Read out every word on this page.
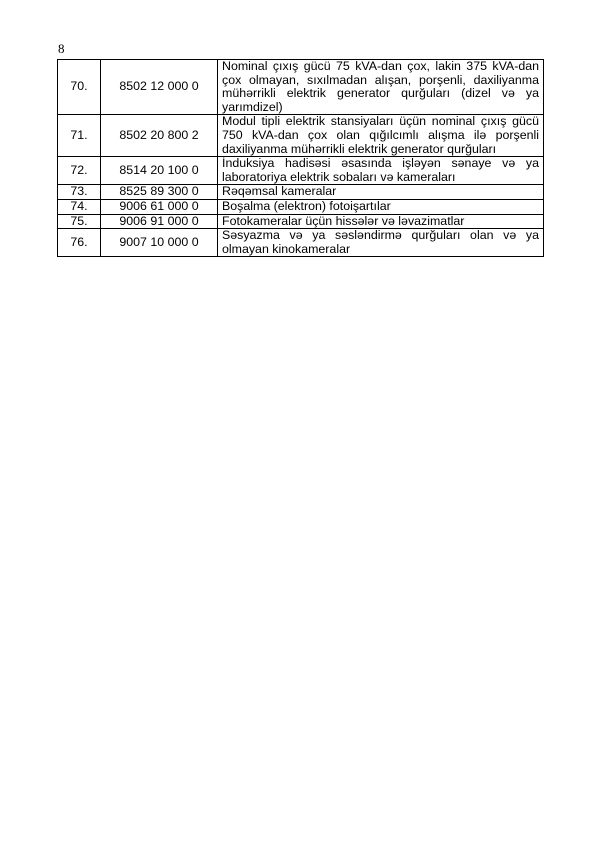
8
70.	8502 12 000 0	Nominal çıxış gücü 75 kVA-dan çox, lakin 375 kVA-dan çox olmayan, sıxılmadan alışan, porşenli, daxiliyanma mühərrikli elektrik generator qurğuları (dizel və ya yarımdizel)
71.	8502 20 800 2	Modul tipli elektrik stansiyaları üçün nominal çıxış gücü 750 kVA-dan çox olan qığılcımlı alışma ilə porşenli daxiliyanma mühərrikli elektrik generator qurğuları
72.	8514 20 100 0	İnduksiya hadisəsi əsasında işləyən sənaye və ya laboratoriya elektrik sobaları və kameraları
73.	8525 89 300 0	Rəqəmsal kameralar
74.	9006 61 000 0	Boşalma (elektron) fotoişartılar
75.	9006 91 000 0	Fotokameralar üçün hissələr və ləvazimatlar
76.	9007 10 000 0	Səsyazma və ya səsləndirmə qurğuları olan və ya olmayan kinokameralar
